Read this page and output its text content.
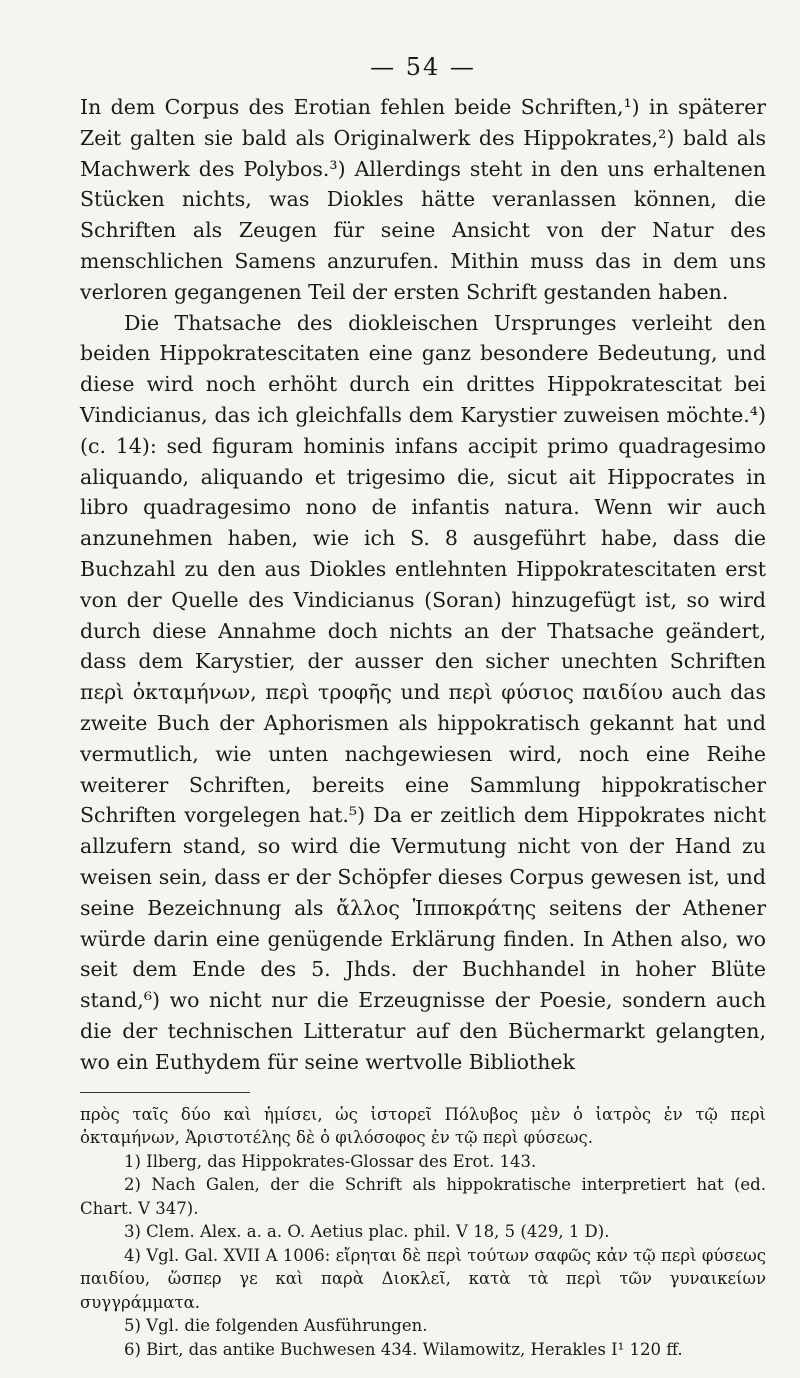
— 54 —

In dem Corpus des Erotian fehlen beide Schriften,¹) in späterer Zeit galten sie bald als Originalwerk des Hippokrates,²) bald als Machwerk des Polybos.³) Allerdings steht in den uns erhaltenen Stücken nichts, was Diokles hätte veranlassen können, die Schriften als Zeugen für seine Ansicht von der Natur des menschlichen Samens anzurufen. Mithin muss das in dem uns verloren gegangenen Teil der ersten Schrift gestanden haben.

Die Thatsache des diokleischen Ursprunges verleiht den beiden Hippokratescitaten eine ganz besondere Bedeutung, und diese wird noch erhöht durch ein drittes Hippokratescitat bei Vindicianus, das ich gleichfalls dem Karystier zuweisen möchte.⁴) (c. 14): sed figuram hominis infans accipit primo quadragesimo aliquando, aliquando et trigesimo die, sicut ait Hippocrates in libro quadragesimo nono de infantis natura. Wenn wir auch anzunehmen haben, wie ich S. 8 ausgeführt habe, dass die Buchzahl zu den aus Diokles entlehnten Hippokratescitaten erst von der Quelle des Vindicianus (Soran) hinzugefügt ist, so wird durch diese Annahme doch nichts an der Thatsache geändert, dass dem Karystier, der ausser den sicher unechten Schriften περὶ ὀκταμήνων, περὶ τροφῆς und περὶ φύσιος παιδίου auch das zweite Buch der Aphorismen als hippokratisch gekannt hat und vermutlich, wie unten nachgewiesen wird, noch eine Reihe weiterer Schriften, bereits eine Sammlung hippokratischer Schriften vorgelegen hat.⁵) Da er zeitlich dem Hippokrates nicht allzufern stand, so wird die Vermutung nicht von der Hand zu weisen sein, dass er der Schöpfer dieses Corpus gewesen ist, und seine Bezeichnung als ἄλλος Ἱπποκράτης seitens der Athener würde darin eine genügende Erklärung finden. In Athen also, wo seit dem Ende des 5. Jhds. der Buchhandel in hoher Blüte stand,⁶) wo nicht nur die Erzeugnisse der Poesie, sondern auch die der technischen Litteratur auf den Büchermarkt gelangten, wo ein Euthydem für seine wertvolle Bibliothek

πρὸς ταῖς δύο καὶ ἡμίσει, ὡς ἱστορεῖ Πόλυβος μὲν ὁ ἰατρὸς ἐν τῷ περὶ ὀκταμήνων, Ἀριστοτέλης δὲ ὁ φιλόσοφος ἐν τῷ περὶ φύσεως.

1) Ilberg, das Hippokrates-Glossar des Erot. 143.

2) Nach Galen, der die Schrift als hippokratische interpretiert hat (ed. Chart. V 347).

3) Clem. Alex. a. a. O. Aetius plac. phil. V 18, 5 (429, 1 D).

4) Vgl. Gal. XVII A 1006: εἴρηται δὲ περὶ τούτων σαφῶς κἀν τῷ περὶ φύσεως παιδίου, ὥσπερ γε καὶ παρὰ Διοκλεῖ, κατὰ τὰ περὶ τῶν γυναικείων συγγράμματα.

5) Vgl. die folgenden Ausführungen.

6) Birt, das antike Buchwesen 434. Wilamowitz, Herakles I¹ 120 ff.
